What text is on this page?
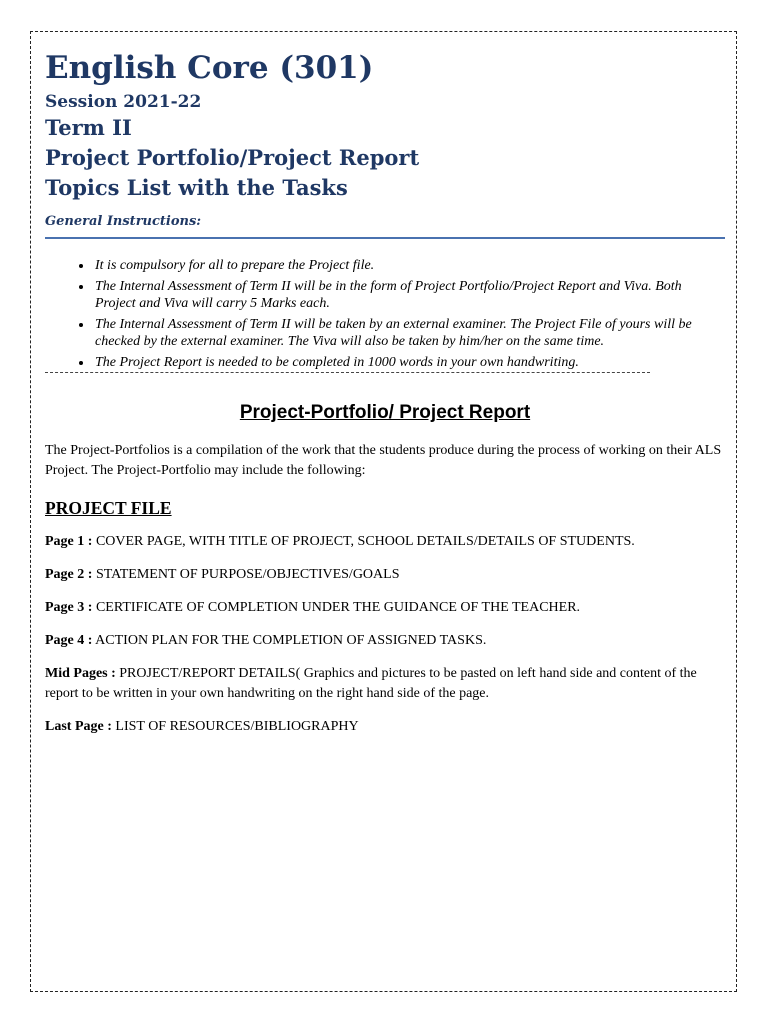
English Core (301)
Session 2021-22
Term II
Project Portfolio/Project Report
Topics List with the Tasks
General Instructions:
• It is compulsory for all to prepare the Project file.
• The Internal Assessment of Term II will be in the form of Project Portfolio/Project Report and Viva. Both Project and Viva will carry 5 Marks each.
• The Internal Assessment of Term II will be taken by an external examiner. The Project File of yours will be checked by the external examiner. The Viva will also be taken by him/her on the same time.
• The Project Report is needed to be completed in 1000 words in your own handwriting.
Project-Portfolio/ Project Report

The Project-Portfolios is a compilation of the work that the students produce during the process of working on their ALS Project. The Project-Portfolio may include the following:

PROJECT FILE

Page 1 : COVER PAGE, WITH TITLE OF PROJECT, SCHOOL DETAILS/DETAILS OF STUDENTS.

Page 2 : STATEMENT OF PURPOSE/OBJECTIVES/GOALS

Page 3 : CERTIFICATE OF COMPLETION UNDER THE GUIDANCE OF THE TEACHER.

Page 4 : ACTION PLAN FOR THE COMPLETION OF ASSIGNED TASKS.

Mid Pages : PROJECT/REPORT DETAILS( Graphics and pictures to be pasted on left hand side and content of the report to be written in your own handwriting on the right hand side of the page.

Last Page : LIST OF RESOURCES/BIBLIOGRAPHY
